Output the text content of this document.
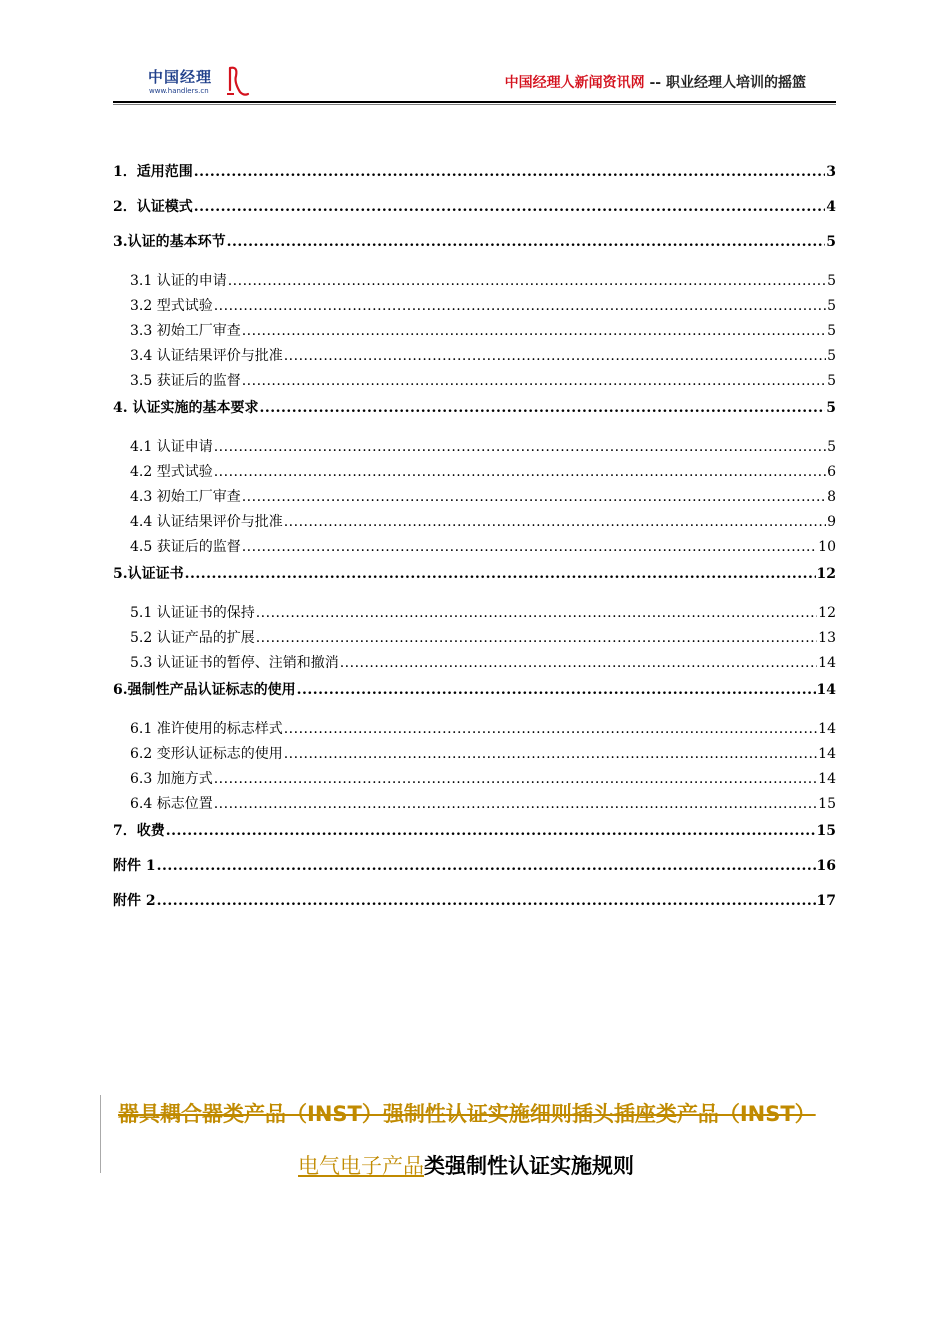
中国经理
www.handlers.cn	中国经理人新闻资讯网 -- 职业经理人培训的摇篮
1．适用范围 .....	3
2．认证模式 .....	4
3.认证的基本环节 .....	5
3.1 认证的申请 .....	5
3.2 型式试验 .....	5
3.3 初始工厂审查 .....	5
3.4 认证结果评价与批准 .....	5
3.5 获证后的监督 .....	5
4. 认证实施的基本要求 .....	5
4.1 认证申请 .....	5
4.2 型式试验 .....	6
4.3 初始工厂审查 .....	8
4.4 认证结果评价与批准 .....	9
4.5 获证后的监督 .....	10
5.认证证书 .....	12
5.1 认证证书的保持 .....	12
5.2 认证产品的扩展 .....	13
5.3 认证证书的暂停、注销和撤消 .....	14
6.强制性产品认证标志的使用 .....	14
6.1 准许使用的标志样式 .....	14
6.2 变形认证标志的使用 .....	14
6.3 加施方式 .....	14
6.4 标志位置 .....	15
7．收费 .....	15
附件 1 .....	16
附件 2 .....	17
器具耦合器类产品（INST）强制性认证实施细则插头插座类产品（INST）
电气电子产品类强制性认证实施规则
